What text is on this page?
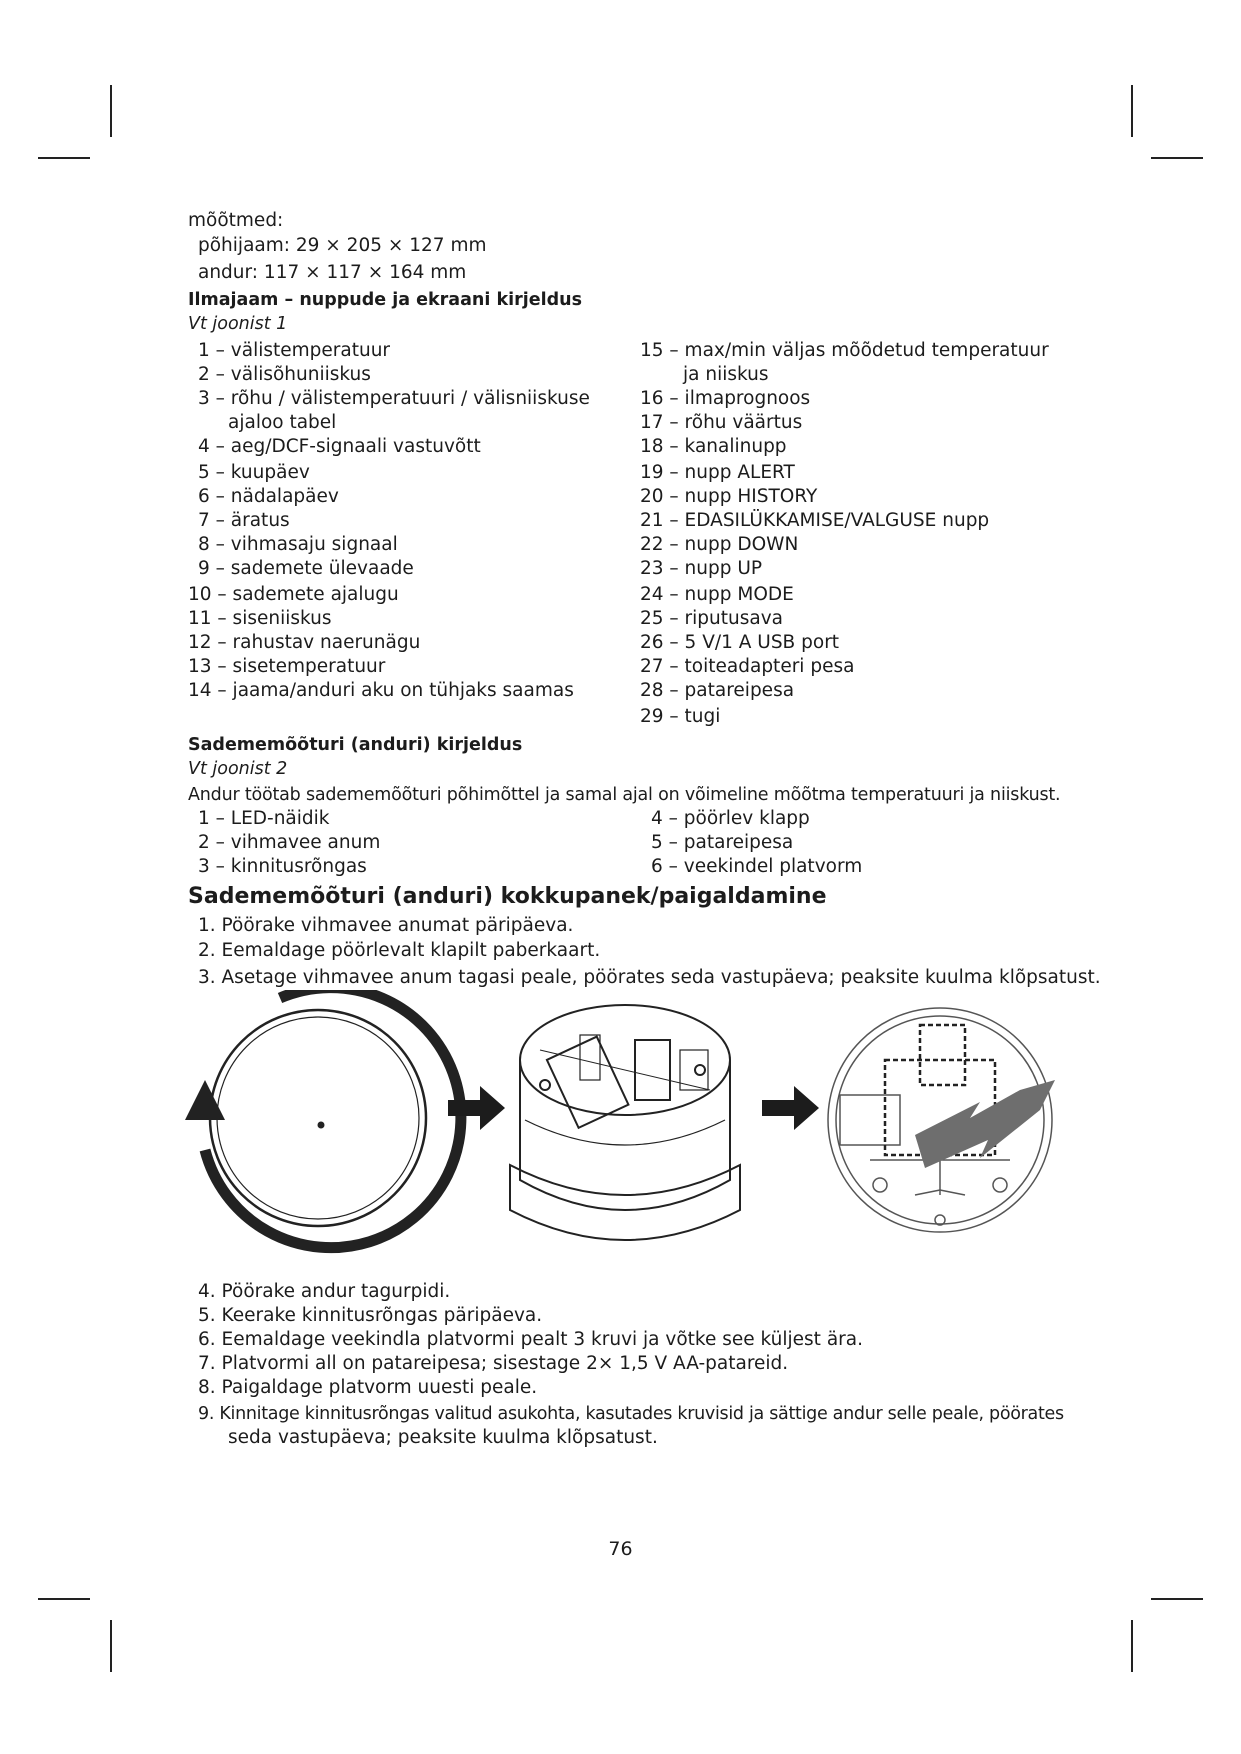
mõõtmed:
põhijaam: 29 × 205 × 127 mm
andur: 117 × 117 × 164 mm
Ilmajaam – nuppude ja ekraani kirjeldus
Vt joonist 1
1 – välistemperatuur
2 – välisõhuniiskus
3 – rõhu / välistemperatuuri / välisniiskuse
ajaloo tabel
4 – aeg/DCF-signaali vastuvõtt
5 – kuupäev
6 – nädalapäev
7 – äratus
8 – vihmasaju signaal
9 – sademete ülevaade
10 – sademete ajalugu
11 – siseniiskus
12 – rahustav naerunägu
13 – sisetemperatuur
14 – jaama/anduri aku on tühjaks saamas
15 – max/min väljas mõõdetud temperatuur
ja niiskus
16 – ilmaprognoos
17 – rõhu väärtus
18 – kanalinupp
19 – nupp ALERT
20 – nupp HISTORY
21 – EDASILÜKKAMISE/VALGUSE nupp
22 – nupp DOWN
23 – nupp UP
24 – nupp MODE
25 – riputusava
26 – 5 V/1 A USB port
27 – toiteadapteri pesa
28 – patareipesa
29 – tugi
Sadememõõturi (anduri) kirjeldus
Vt joonist 2
Andur töötab sadememõõturi põhimõttel ja samal ajal on võimeline mõõtma temperatuuri ja niiskust.
1 – LED-näidik
2 – vihmavee anum
3 – kinnitusrõngas
4 – pöörlev klapp
5 – patareipesa
6 – veekindel platvorm
Sadememõõturi (anduri) kokkupanek/paigaldamine
1. Pöörake vihmavee anumat päripäeva.
2. Eemaldage pöörlevalt klapilt paberkaart.
3. Asetage vihmavee anum tagasi peale, pöörates seda vastupäeva; peaksite kuulma klõpsatust.
4. Pöörake andur tagurpidi.
5. Keerake kinnitusrõngas päripäeva.
6. Eemaldage veekindla platvormi pealt 3 kruvi ja võtke see küljest ära.
7. Platvormi all on patareipesa; sisestage 2× 1,5 V AA-patareid.
8. Paigaldage platvorm uuesti peale.
9. Kinnitage kinnitusrõngas valitud asukohta, kasutades kruvisid ja sättige andur selle peale, pöörates
seda vastupäeva; peaksite kuulma klõpsatust.
76
